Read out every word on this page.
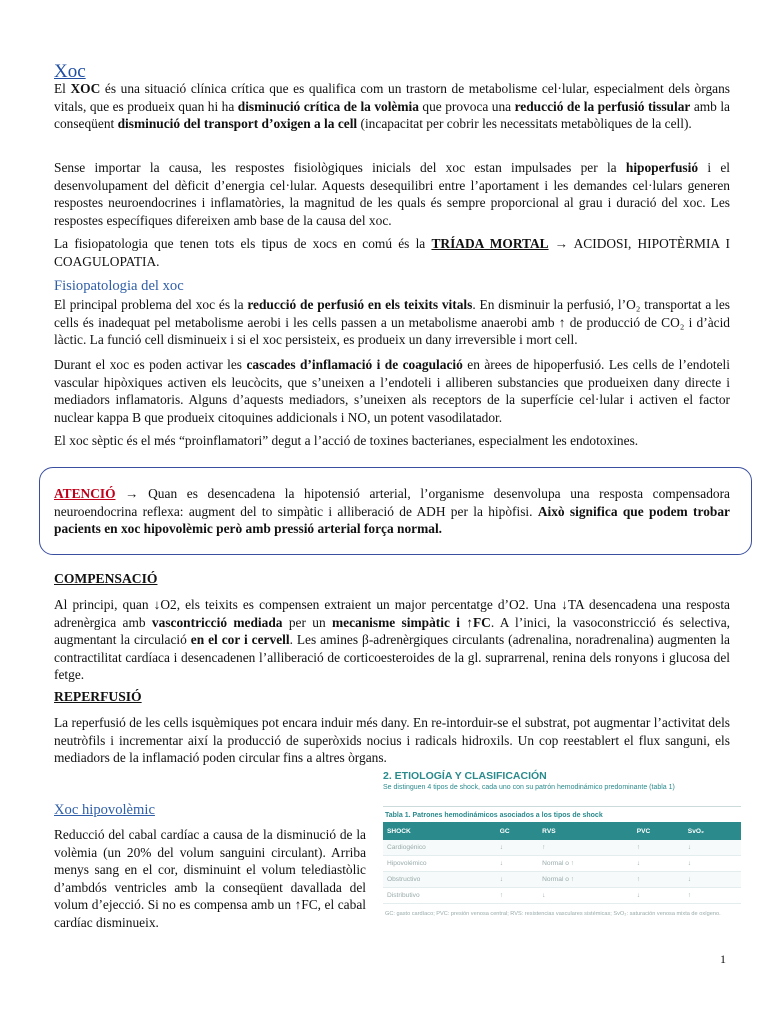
Xoc

El XOC és una situació clínica crítica que es qualifica com un trastorn de metabolisme cel·lular, especialment dels òrgans vitals, que es produeix quan hi ha disminució crítica de la volèmia que provoca una reducció de la perfusió tissular amb la conseqüent disminució del transport d’oxigen a la cell (incapacitat per cobrir les necessitats metabòliques de la cell).

Sense importar la causa, les respostes fisiològiques inicials del xoc estan impulsades per la hipoperfusió i el desenvolupament del dèficit d’energia cel·lular. Aquests desequilibri entre l’aportament i les demandes cel·lulars generen respostes neuroendocrines i inflamatòries, la magnitud de les quals és sempre proporcional al grau i duració del xoc. Les respostes específiques difereixen amb base de la causa del xoc.

La fisiopatologia que tenen tots els tipus de xocs en comú és la TRÍADA MORTAL → ACIDOSI, HIPOTÈRMIA I COAGULOPATIA.

Fisiopatologia del xoc

El principal problema del xoc és la reducció de perfusió en els teixits vitals. En disminuir la perfusió, l’O₂ transportat a les cells és inadequat pel metabolisme aerobi i les cells passen a un metabolisme anaerobi amb ↑ de producció de CO₂ i d’àcid làctic. La funció cell disminueix i si el xoc persisteix, es produeix un dany irreversible i mort cell.

Durant el xoc es poden activar les cascades d’inflamació i de coagulació en àrees de hipoperfusió. Les cells de l’endoteli vascular hipòxiques activen els leucòcits, que s’uneixen a l’endoteli i alliberen substancies que produeixen dany directe i mediadors inflamatoris. Alguns d’aquests mediadors, s’uneixen als receptors de la superfície cel·lular i activen el factor nuclear kappa B que produeix citoquines addicionals i NO, un potent vasodilatador.

El xoc sèptic és el més “proinflamatori” degut a l’acció de toxines bacterianes, especialment les endotoxines.

ATENCIÓ → Quan es desencadena la hipotensió arterial, l’organisme desenvolupa una resposta compensadora neuroendocrina reflexa: augment del to simpàtic i alliberació de ADH per la hipòfisi. Això significa que podem trobar pacients en xoc hipovolèmic però amb pressió arterial força normal.

COMPENSACIÓ

Al principi, quan ↓O2, els teixits es compensen extraient un major percentatge d’O2. Una ↓TA desencadena una resposta adrenèrgica amb vascontricció mediada per un mecanisme simpàtic i ↑FC. A l’inici, la vasoconstricció és selectiva, augmentant la circulació en el cor i cervell. Les amines β-adrenèrgiques circulants (adrenalina, noradrenalina) augmenten la contractilitat cardíaca i desencadenen l’alliberació de corticoesteroides de la gl. suprarrenal, renina dels ronyons i glucosa del fetge.

REPERFUSIÓ

La reperfusió de les cells isquèmiques pot encara induir més dany. En re-intorduir-se el substrat, pot augmentar l’activitat dels neutròfils i incrementar així la producció de superòxids nocius i radicals hidroxils. Un cop reestablert el flux sanguni, els mediadors de la inflamació poden circular fins a altres òrgans.

Xoc hipovolèmic

Reducció del cabal cardíac a causa de la disminució de la volèmia (un 20% del volum sanguini circulant). Arriba menys sang en el cor, disminuint el volum telediastòlic d’ambdós ventricles amb la conseqüent davallada del volum d’ejecció. Si no es compensa amb un ↑FC, el cabal cardíac disminueix.

2. ETIOLOGÍA Y CLASIFICACIÓN

Se distinguen 4 tipos de shock, cada uno con su patrón hemodinámico predominante (tabla 1)

Tabla 1. Patrones hemodinámicos asociados a los tipos de shock
SHOCK	GC	RVS	PVC	SvO₂
Cardiogénico	↓	↑	↑	↓
Hipovolémico	↓	Normal o ↑	↓	↓
Obstructivo	↓	Normal o ↑	↑	↓
Distributivo	↑	↓	↓	↑

GC: gasto cardíaco; PVC: presión venosa central; RVS: resistencias vasculares sistémicas; SvO₂: saturación venosa mixta de oxígeno.

1
